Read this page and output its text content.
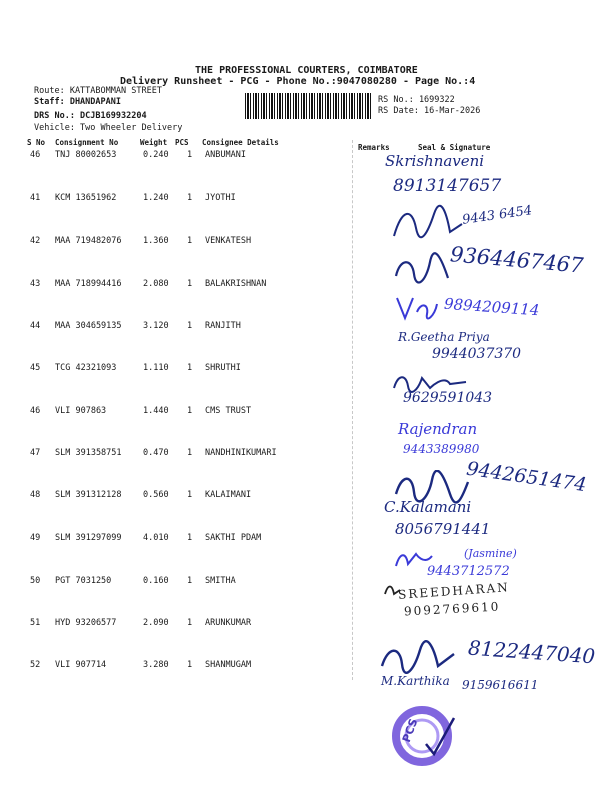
THE PROFESSIONAL COURTERS, COIMBATORE
Delivery Runsheet - PCG - Phone No.:9047080280 - Page No.:4
Route: KATTABOMMAN STREET
Staff: DHANDAPANI
DRS No.: DCJB169932204
Vehicle: Two Wheeler Delivery
RS No.: 1699322
RS Date: 16-Mar-2026
S No Consignment No	Weight PCS Consignee Details
Remarks	Seal & Signature
46 TNJ 80002653	0.240 1 ANBUMANI
41 KCM 13651962	1.240 1 JYOTHI
42 MAA 719482076	1.360 1 VENKATESH
43 MAA 718994416	2.080 1 BALAKRISHNAN
44 MAA 304659135	3.120 1 RANJITH
45 TCG 42321093	1.110 1 SHRUTHI
46 VLI 907863	1.440 1 CMS TRUST
47 SLM 391358751	0.470 1 NANDHINIKUMARI
48 SLM 391312128	0.560 1 KALAIMANI
49 SLM 391297099	4.010 1 SAKTHI PDAM
50 PGT 7031250	0.160 1 SMITHA
51 HYD 93206577	2.090 1 ARUNKUMAR
52 VLI 907714	3.280 1 SHANMUGAM
Skrishnaveni
8913147657
9443 6454
9364467467
9894209114
R.Geetha Priya
9944037370
9629591043
Rajendran
9443389980
9442651474
C.Kalamani
8056791441
(Jasmine)
9443712572
SREEDHARAN
9092769610
8122447040
M.Karthika 9159616611
PCS
